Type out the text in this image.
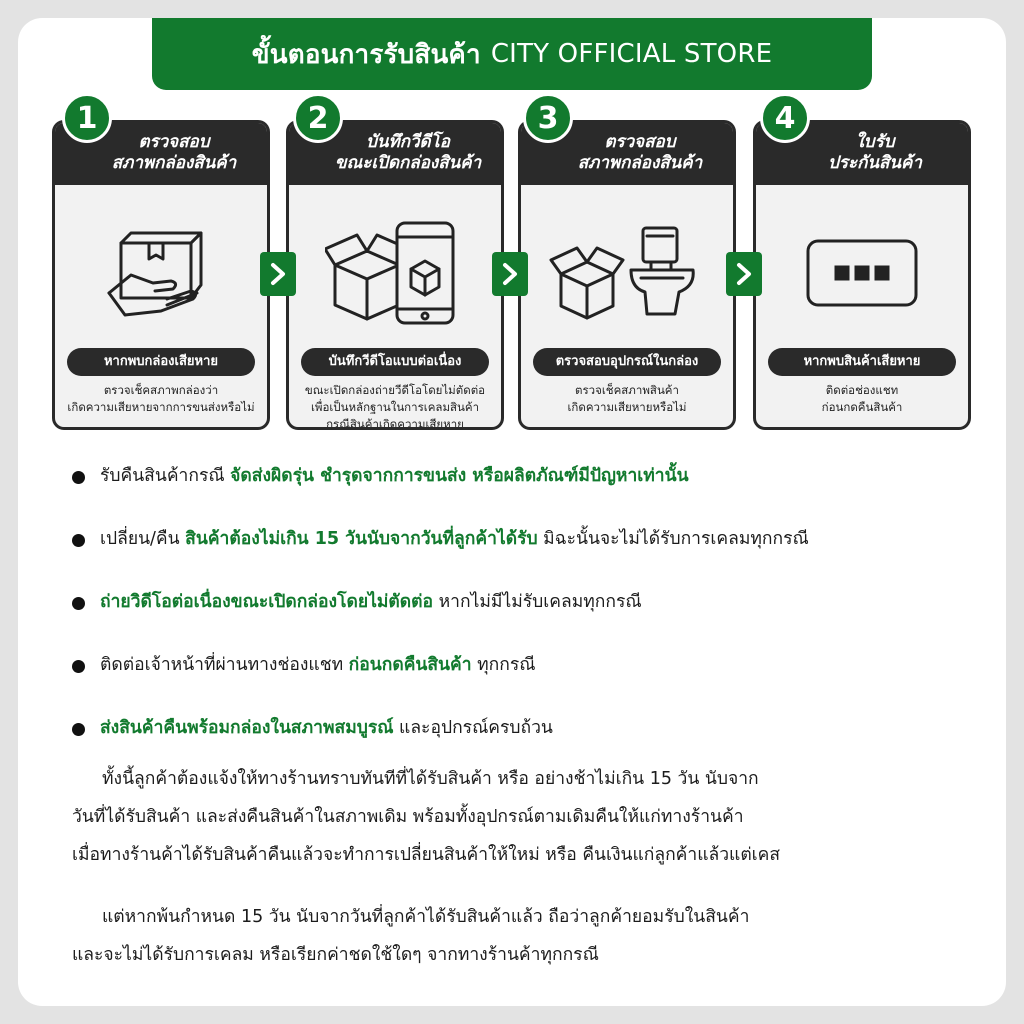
ขั้นตอนการรับสินค้า CITY OFFICIAL STORE
1
ตรวจสอบ
สภาพกล่องสินค้า
หากพบกล่องเสียหาย
ตรวจเช็คสภาพกล่องว่า
เกิดความเสียหายจากการขนส่งหรือไม่
2
บันทึกวีดีโอ
ขณะเปิดกล่องสินค้า
บันทึกวีดีโอแบบต่อเนื่อง
ขณะเปิดกล่องถ่ายวีดีโอโดยไม่ตัดต่อ
เพื่อเป็นหลักฐานในการเคลมสินค้า
กรณีสินค้าเกิดความเสียหาย
3
ตรวจสอบ
สภาพกล่องสินค้า
ตรวจสอบอุปกรณ์ในกล่อง
ตรวจเช็คสภาพสินค้า
เกิดความเสียหายหรือไม่
4
ใบรับ
ประกันสินค้า
หากพบสินค้าเสียหาย
ติดต่อช่องแชท
ก่อนกดคืนสินค้า
รับคืนสินค้ากรณี จัดส่งผิดรุ่น ชำรุดจากการขนส่ง หรือผลิตภัณฑ์มีปัญหาเท่านั้น
เปลี่ยน/คืน สินค้าต้องไม่เกิน 15 วันนับจากวันที่ลูกค้าได้รับ มิฉะนั้นจะไม่ได้รับการเคลมทุกกรณี
ถ่ายวิดีโอต่อเนื่องขณะเปิดกล่องโดยไม่ตัดต่อ หากไม่มีไม่รับเคลมทุกกรณี
ติดต่อเจ้าหน้าที่ผ่านทางช่องแชท ก่อนกดคืนสินค้า ทุกกรณี
ส่งสินค้าคืนพร้อมกล่องในสภาพสมบูรณ์ และอุปกรณ์ครบถ้วน
ทั้งนี้ลูกค้าต้องแจ้งให้ทางร้านทราบทันทีที่ได้รับสินค้า หรือ อย่างช้าไม่เกิน 15 วัน นับจาก
วันที่ได้รับสินค้า และส่งคืนสินค้าในสภาพเดิม พร้อมทั้งอุปกรณ์ตามเดิมคืนให้แก่ทางร้านค้า
เมื่อทางร้านค้าได้รับสินค้าคืนแล้วจะทำการเปลี่ยนสินค้าให้ใหม่ หรือ คืนเงินแก่ลูกค้าแล้วแต่เคส
แต่หากพ้นกำหนด 15 วัน นับจากวันที่ลูกค้าได้รับสินค้าแล้ว ถือว่าลูกค้ายอมรับในสินค้า
และจะไม่ได้รับการเคลม หรือเรียกค่าชดใช้ใดๆ จากทางร้านค้าทุกกรณี
